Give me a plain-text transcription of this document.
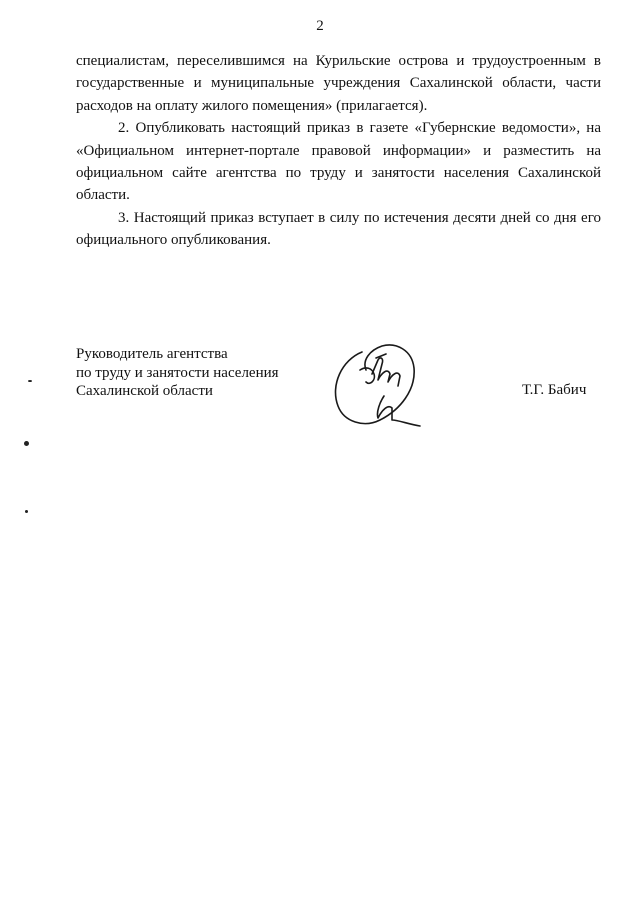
2

специалистам, переселившимся на Курильские острова и трудоустроенным в государственные и муниципальные учреждения Сахалинской области, части расходов на оплату жилого помещения» (прилагается).

2. Опубликовать настоящий приказ в газете «Губернские ведомости», на «Официальном интернет-портале правовой информации» и разместить на официальном сайте агентства по труду и занятости населения Сахалинской области.

3. Настоящий приказ вступает в силу по истечения десяти дней со дня его официального опубликования.

Руководитель агентства
по труду и занятости населения
Сахалинской области	Т.Г. Бабич
